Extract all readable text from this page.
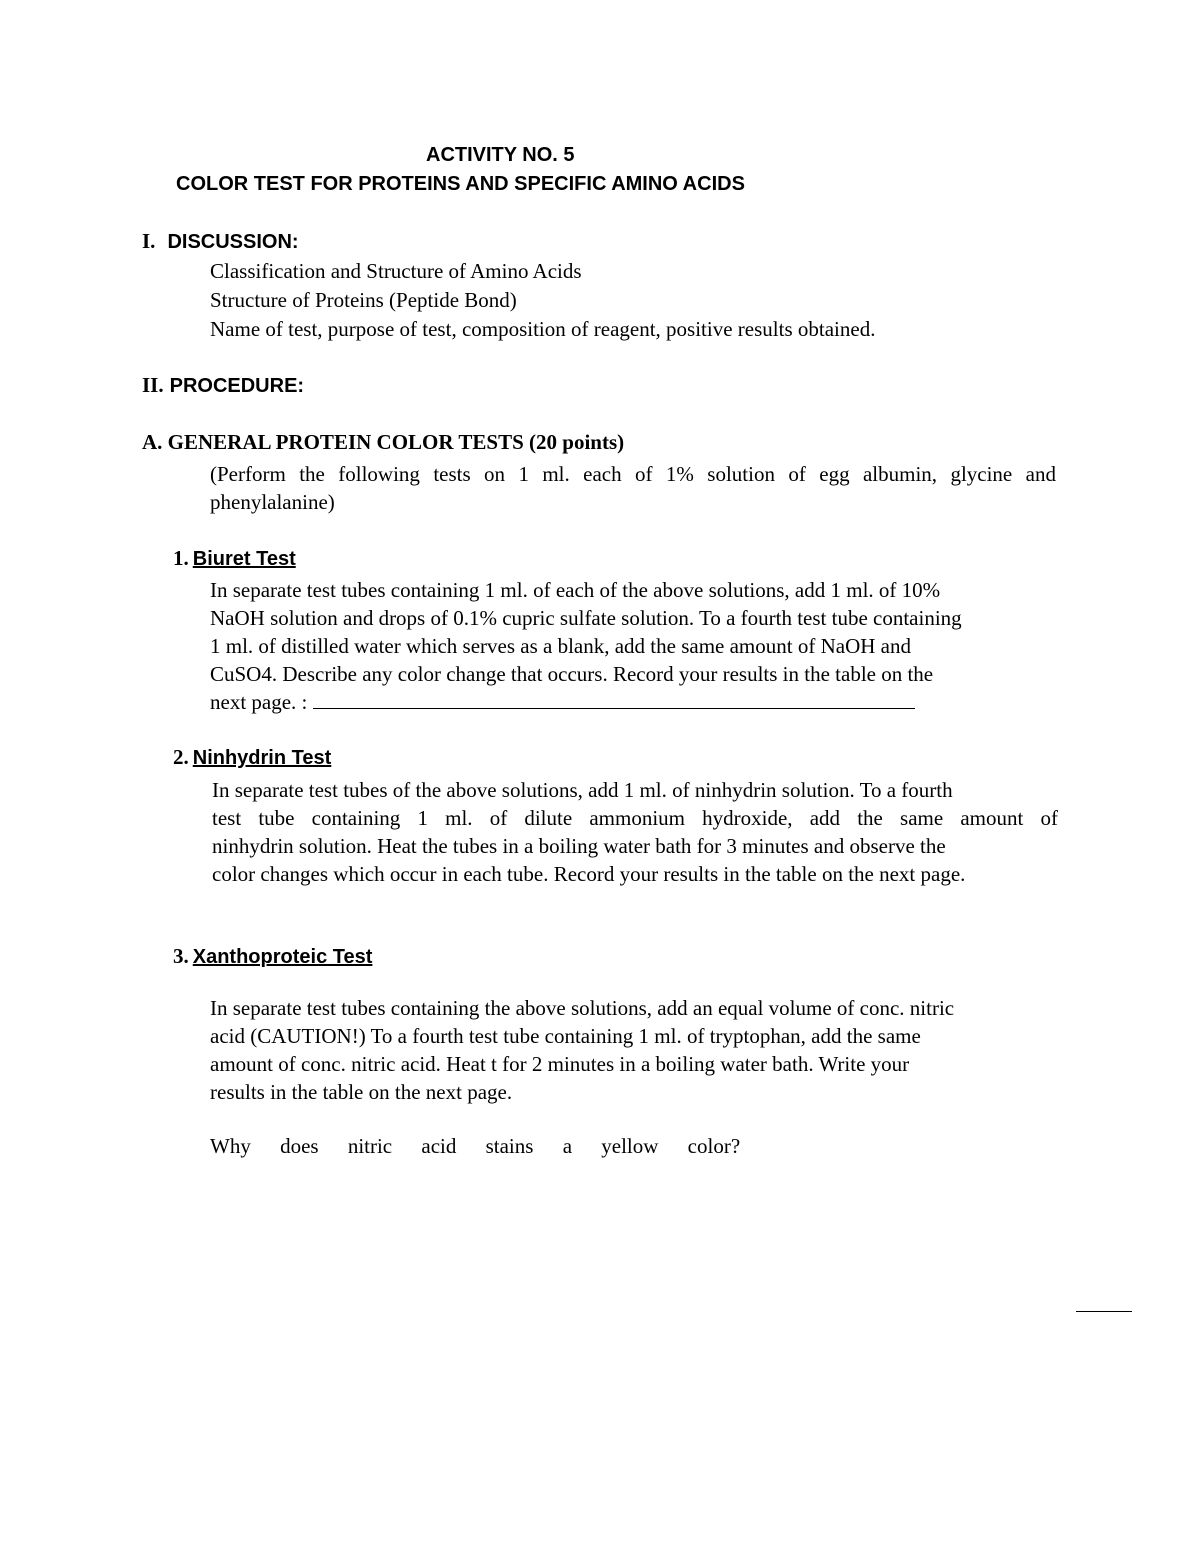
ACTIVITY NO. 5
COLOR TEST FOR PROTEINS AND SPECIFIC AMINO ACIDS
I. DISCUSSION:
Classification and Structure of Amino Acids
Structure of Proteins (Peptide Bond)
Name of test, purpose of test, composition of reagent, positive results obtained.
II. PROCEDURE:
A. GENERAL PROTEIN COLOR TESTS (20 points)
(Perform the following tests on 1 ml. each of 1% solution of egg albumin, glycine and
phenylalanine)
1. Biuret Test
In separate test tubes containing 1 ml. of each of the above solutions, add 1 ml. of 10%
NaOH solution and drops of 0.1% cupric sulfate solution. To a fourth test tube containing
1 ml. of distilled water which serves as a blank, add the same amount of NaOH and
CuSO4. Describe any color change that occurs. Record your results in the table on the
next page. :
2. Ninhydrin Test
In separate test tubes of the above solutions, add 1 ml. of ninhydrin solution. To a fourth
test tube containing 1 ml. of dilute ammonium hydroxide, add the same amount of
ninhydrin solution. Heat the tubes in a boiling water bath for 3 minutes and observe the
color changes which occur in each tube. Record your results in the table on the next page.
3. Xanthoproteic Test
In separate test tubes containing the above solutions, add an equal volume of conc. nitric
acid (CAUTION!) To a fourth test tube containing 1 ml. of tryptophan, add the same
amount of conc. nitric acid. Heat t for 2 minutes in a boiling water bath. Write your
results in the table on the next page.
Why does nitric acid stains a yellow color?
